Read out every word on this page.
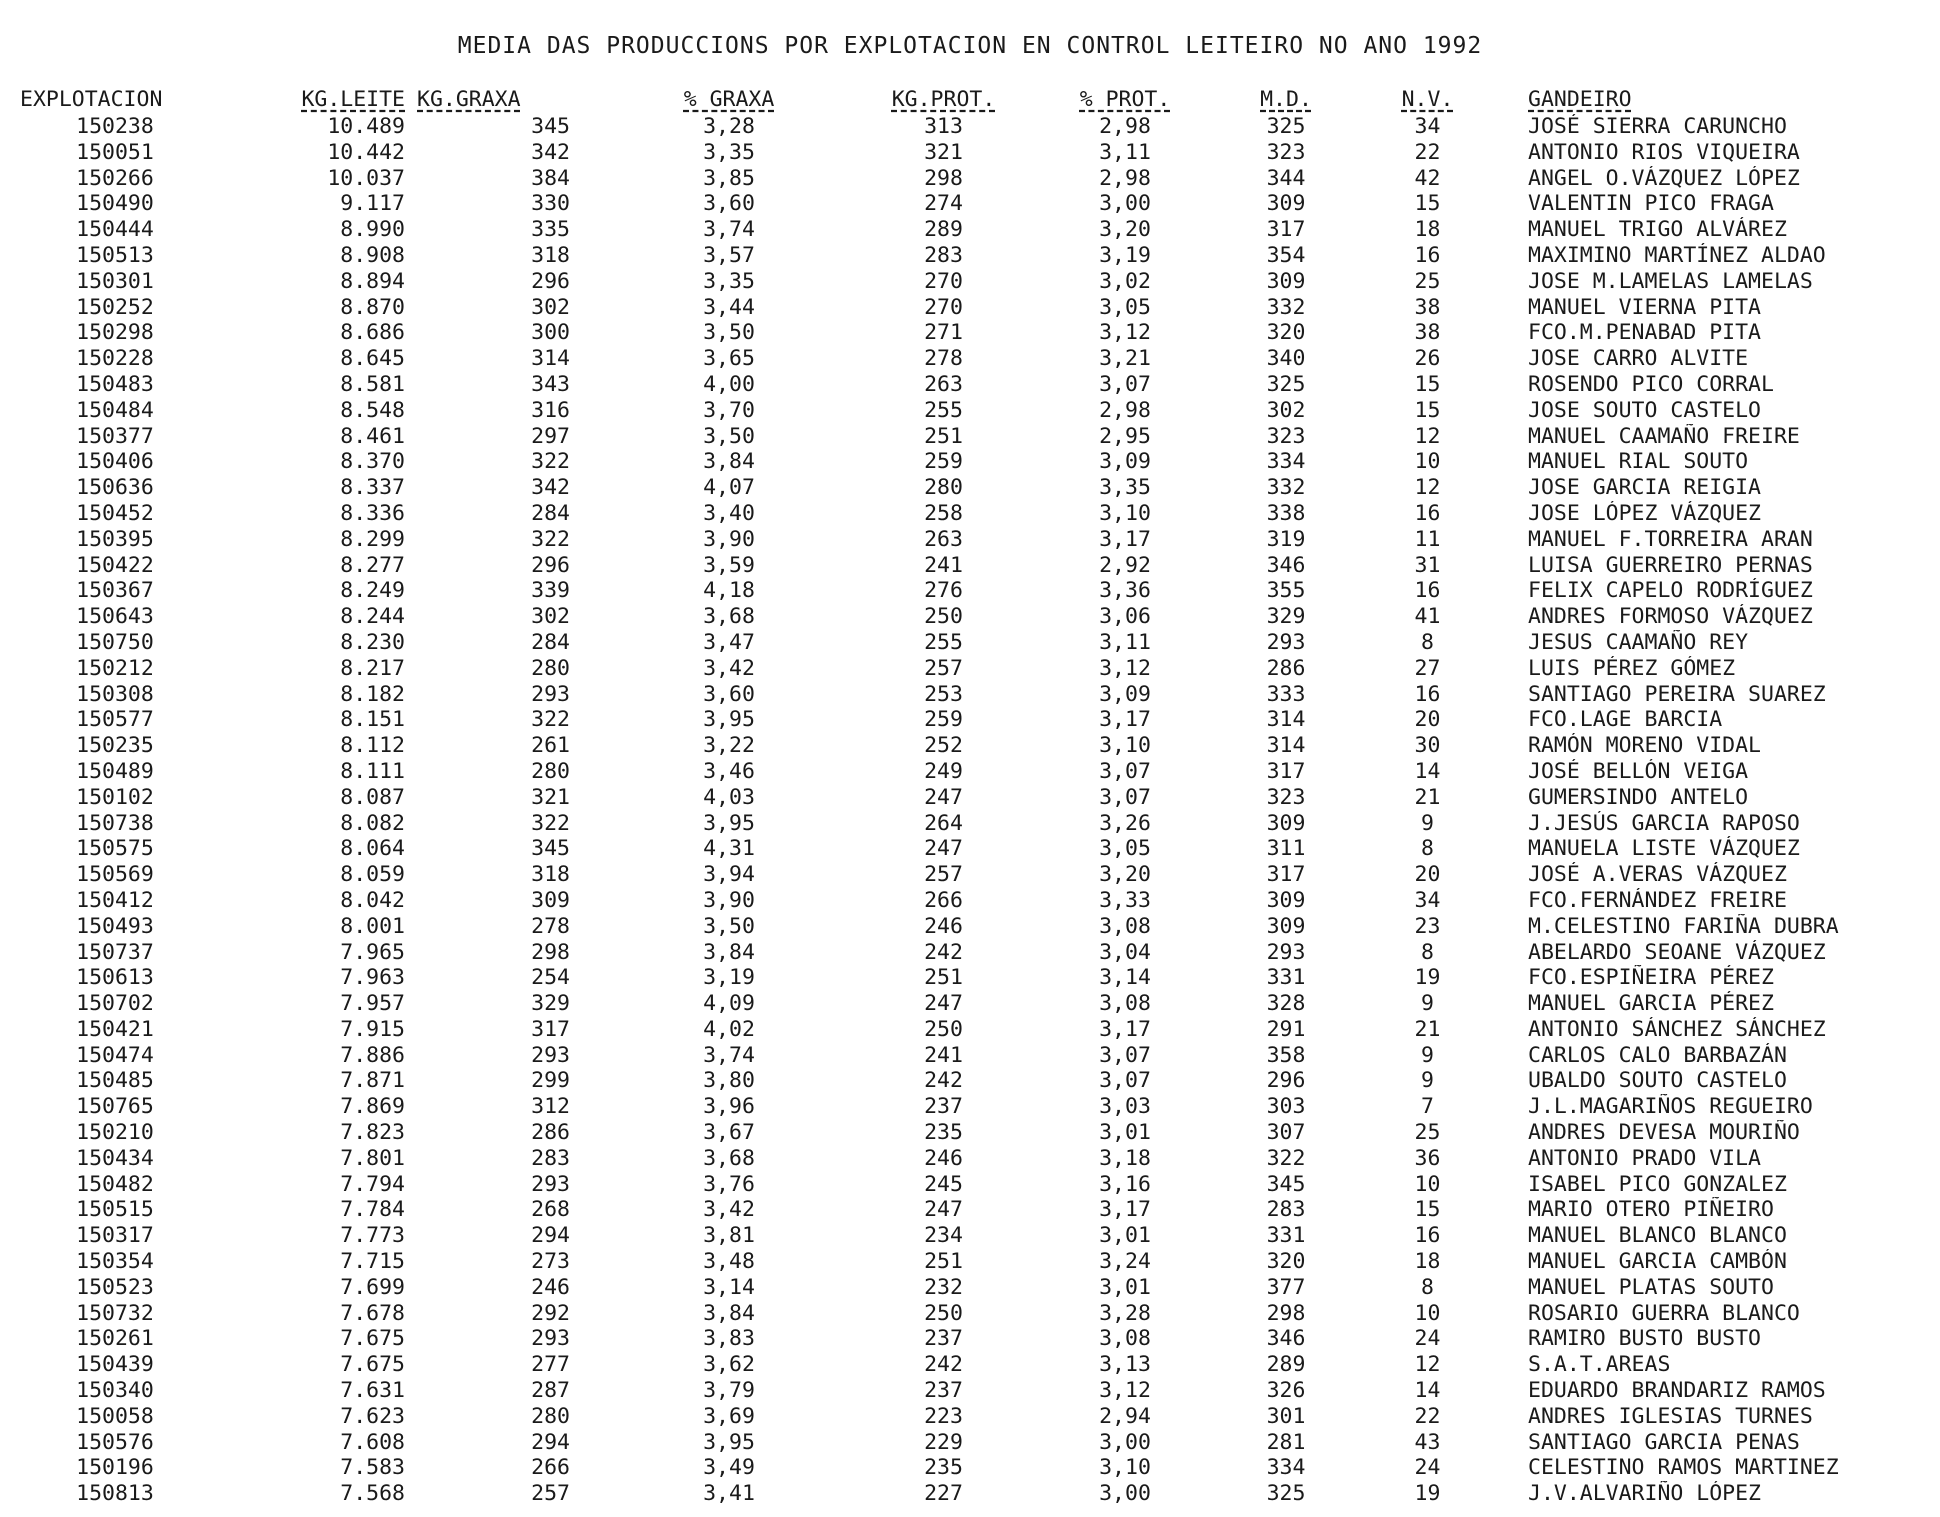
MEDIA DAS PRODUCCIONS POR EXPLOTACION EN CONTROL LEITEIRO NO ANO 1992
EXPLOTACION	KG.LEITE	KG.GRAXA	% GRAXA	KG.PROT.	% PROT.	M.D.	N.V.	GANDEIRO
150238	10.489	345	3,28	313	2,98	325	34	JOSÉ SIERRA CARUNCHO
150051	10.442	342	3,35	321	3,11	323	22	ANTONIO RIOS VIQUEIRA
150266	10.037	384	3,85	298	2,98	344	42	ANGEL O.VÁZQUEZ LÓPEZ
150490	9.117	330	3,60	274	3,00	309	15	VALENTIN PICO FRAGA
150444	8.990	335	3,74	289	3,20	317	18	MANUEL TRIGO ALVÁREZ
150513	8.908	318	3,57	283	3,19	354	16	MAXIMINO MARTÍNEZ ALDAO
150301	8.894	296	3,35	270	3,02	309	25	JOSE M.LAMELAS LAMELAS
150252	8.870	302	3,44	270	3,05	332	38	MANUEL VIERNA PITA
150298	8.686	300	3,50	271	3,12	320	38	FCO.M.PENABAD PITA
150228	8.645	314	3,65	278	3,21	340	26	JOSE CARRO ALVITE
150483	8.581	343	4,00	263	3,07	325	15	ROSENDO PICO CORRAL
150484	8.548	316	3,70	255	2,98	302	15	JOSE SOUTO CASTELO
150377	8.461	297	3,50	251	2,95	323	12	MANUEL CAAMAÑO FREIRE
150406	8.370	322	3,84	259	3,09	334	10	MANUEL RIAL SOUTO
150636	8.337	342	4,07	280	3,35	332	12	JOSE GARCIA REIGIA
150452	8.336	284	3,40	258	3,10	338	16	JOSE LÓPEZ VÁZQUEZ
150395	8.299	322	3,90	263	3,17	319	11	MANUEL F.TORREIRA ARAN
150422	8.277	296	3,59	241	2,92	346	31	LUISA GUERREIRO PERNAS
150367	8.249	339	4,18	276	3,36	355	16	FELIX CAPELO RODRÍGUEZ
150643	8.244	302	3,68	250	3,06	329	41	ANDRES FORMOSO VÁZQUEZ
150750	8.230	284	3,47	255	3,11	293	8	JESUS CAAMAÑO REY
150212	8.217	280	3,42	257	3,12	286	27	LUIS PÉREZ GÓMEZ
150308	8.182	293	3,60	253	3,09	333	16	SANTIAGO PEREIRA SUAREZ
150577	8.151	322	3,95	259	3,17	314	20	FCO.LAGE BARCIA
150235	8.112	261	3,22	252	3,10	314	30	RAMÓN MORENO VIDAL
150489	8.111	280	3,46	249	3,07	317	14	JOSÉ BELLÓN VEIGA
150102	8.087	321	4,03	247	3,07	323	21	GUMERSINDO ANTELO
150738	8.082	322	3,95	264	3,26	309	9	J.JESÚS GARCIA RAPOSO
150575	8.064	345	4,31	247	3,05	311	8	MANUELA LISTE VÁZQUEZ
150569	8.059	318	3,94	257	3,20	317	20	JOSÉ A.VERAS VÁZQUEZ
150412	8.042	309	3,90	266	3,33	309	34	FCO.FERNÁNDEZ FREIRE
150493	8.001	278	3,50	246	3,08	309	23	M.CELESTINO FARIÑA DUBRA
150737	7.965	298	3,84	242	3,04	293	8	ABELARDO SEOANE VÁZQUEZ
150613	7.963	254	3,19	251	3,14	331	19	FCO.ESPIÑEIRA PÉREZ
150702	7.957	329	4,09	247	3,08	328	9	MANUEL GARCIA PÉREZ
150421	7.915	317	4,02	250	3,17	291	21	ANTONIO SÁNCHEZ SÁNCHEZ
150474	7.886	293	3,74	241	3,07	358	9	CARLOS CALO BARBAZÁN
150485	7.871	299	3,80	242	3,07	296	9	UBALDO SOUTO CASTELO
150765	7.869	312	3,96	237	3,03	303	7	J.L.MAGARIÑOS REGUEIRO
150210	7.823	286	3,67	235	3,01	307	25	ANDRES DEVESA MOURIÑO
150434	7.801	283	3,68	246	3,18	322	36	ANTONIO PRADO VILA
150482	7.794	293	3,76	245	3,16	345	10	ISABEL PICO GONZALEZ
150515	7.784	268	3,42	247	3,17	283	15	MARIO OTERO PIÑEIRO
150317	7.773	294	3,81	234	3,01	331	16	MANUEL BLANCO BLANCO
150354	7.715	273	3,48	251	3,24	320	18	MANUEL GARCIA CAMBÓN
150523	7.699	246	3,14	232	3,01	377	8	MANUEL PLATAS SOUTO
150732	7.678	292	3,84	250	3,28	298	10	ROSARIO GUERRA BLANCO
150261	7.675	293	3,83	237	3,08	346	24	RAMIRO BUSTO BUSTO
150439	7.675	277	3,62	242	3,13	289	12	S.A.T.AREAS
150340	7.631	287	3,79	237	3,12	326	14	EDUARDO BRANDARIZ RAMOS
150058	7.623	280	3,69	223	2,94	301	22	ANDRES IGLESIAS TURNES
150576	7.608	294	3,95	229	3,00	281	43	SANTIAGO GARCIA PENAS
150196	7.583	266	3,49	235	3,10	334	24	CELESTINO RAMOS MARTINEZ
150813	7.568	257	3,41	227	3,00	325	19	J.V.ALVARIÑO LÓPEZ
